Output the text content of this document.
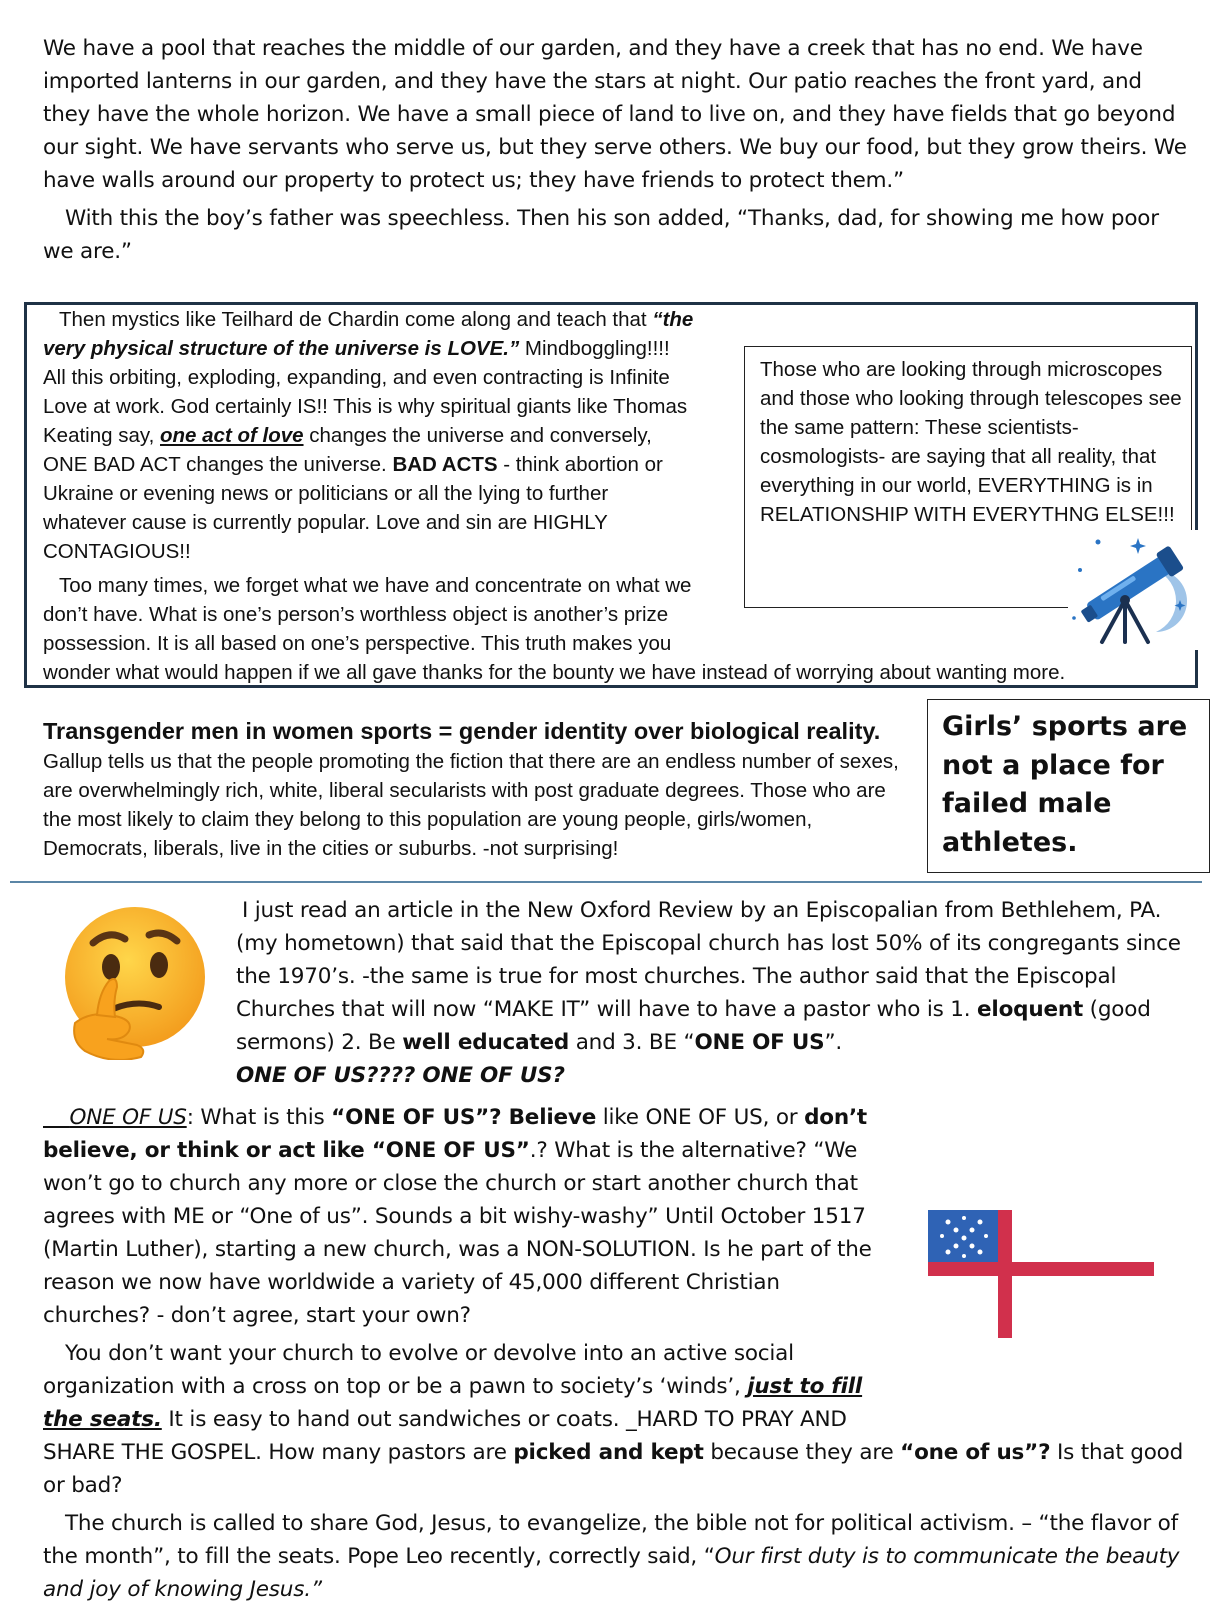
We have a pool that reaches the middle of our garden, and they have a creek that has no end. We have imported lanterns in our garden, and they have the stars at night. Our patio reaches the front yard, and they have the whole horizon. We have a small piece of land to live on, and they have fields that go beyond our sight. We have servants who serve us, but they serve others. We buy our food, but they grow theirs. We have walls around our property to protect us; they have friends to protect them.”

With this the boy’s father was speechless. Then his son added, “Thanks, dad, for showing me how poor we are.”

Those who are looking through microscopes and those who looking through telescopes see the same pattern: These scientists- cosmologists- are saying that all reality, that everything in our world, EVERYTHING is in RELATIONSHIP WITH EVERYTHNG ELSE!!!

Then mystics like Teilhard de Chardin come along and teach that “the very physical structure of the universe is LOVE.” Mindboggling!!!! All this orbiting, exploding, expanding, and even contracting is Infinite Love at work. God certainly IS!! This is why spiritual giants like Thomas Keating say, one act of love changes the universe and conversely, ONE BAD ACT changes the universe. BAD ACTS - think abortion or Ukraine or evening news or politicians or all the lying to further whatever cause is currently popular. Love and sin are HIGHLY CONTAGIOUS!!

Too many times, we forget what we have and concentrate on what we don’t have. What is one’s person’s worthless object is another’s prize possession. It is all based on one’s perspective. This truth makes you wonder what would happen if we all gave thanks for the bounty we have instead of worrying about wanting more.

Transgender men in women sports = gender identity over biological reality.
Gallup tells us that the people promoting the fiction that there are an endless number of sexes, are overwhelmingly rich, white, liberal secularists with post graduate degrees. Those who are the most likely to claim they belong to this population are young people, girls/women, Democrats, liberals, live in the cities or suburbs. -not surprising!
Girls’ sports are not a place for failed male athletes.

I just read an article in the New Oxford Review by an Episcopalian from Bethlehem, PA. (my hometown) that said that the Episcopal church has lost 50% of its congregants since the 1970’s. -the same is true for most churches. The author said that the Episcopal Churches that will now “MAKE IT” will have to have a pastor who is 1. eloquent (good sermons) 2. Be well educated and 3. BE “ONE OF US”.

ONE OF US???? ONE OF US?

ONE OF US: What is this “ONE OF US”? Believe like ONE OF US, or don’t believe, or think or act like “ONE OF US”.? What is the alternative? “We won’t go to church any more or close the church or start another church that agrees with ME or “One of us”. Sounds a bit wishy-washy” Until October 1517 (Martin Luther), starting a new church, was a NON-SOLUTION. Is he part of the reason we now have worldwide a variety of 45,000 different Christian churches? - don’t agree, start your own?

You don’t want your church to evolve or devolve into an active social organization with a cross on top or be a pawn to society’s ‘winds’, just to fill the seats. It is easy to hand out sandwiches or coats. _HARD TO PRAY AND SHARE THE GOSPEL. How many pastors are picked and kept because they are “one of us”? Is that good or bad?

The church is called to share God, Jesus, to evangelize, the bible not for political activism. – “the flavor of the month”, to fill the seats. Pope Leo recently, correctly said, “Our first duty is to communicate the beauty and joy of knowing Jesus.”
